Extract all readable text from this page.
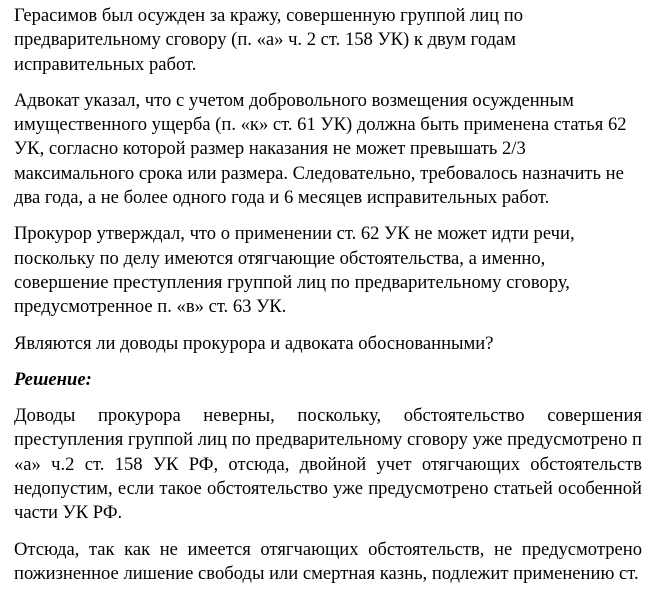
Герасимов был осужден за кражу, совершенную группой лиц по предварительному сговору (п. «а» ч. 2 ст. 158 УК) к двум годам исправительных работ.

Адвокат указал, что с учетом добровольного возмещения осужденным имущественного ущерба (п. «к» ст. 61 УК) должна быть применена статья 62 УК, согласно которой размер наказания не может превышать 2/3 максимального срока или размера. Следовательно, требовалось назначить не два года, а не более одного года и 6 месяцев исправительных работ.

Прокурор утверждал, что о применении ст. 62 УК не может идти речи, поскольку по делу имеются отягчающие обстоятельства, а именно, совершение преступления группой лиц по предварительному сговору, предусмотренное п. «в» ст. 63 УК.

Являются ли доводы прокурора и адвоката обоснованными?

Решение:

Доводы прокурора неверны, поскольку, обстоятельство совершения преступления группой лиц по предварительному сговору уже предусмотрено п «а» ч.2 ст. 158 УК РФ, отсюда, двойной учет отягчающих обстоятельств недопустим, если такое обстоятельство уже предусмотрено статьей особенной части УК РФ.

Отсюда, так как не имеется отягчающих обстоятельств, не предусмотрено пожизненное лишение свободы или смертная казнь, подлежит применению ст.
